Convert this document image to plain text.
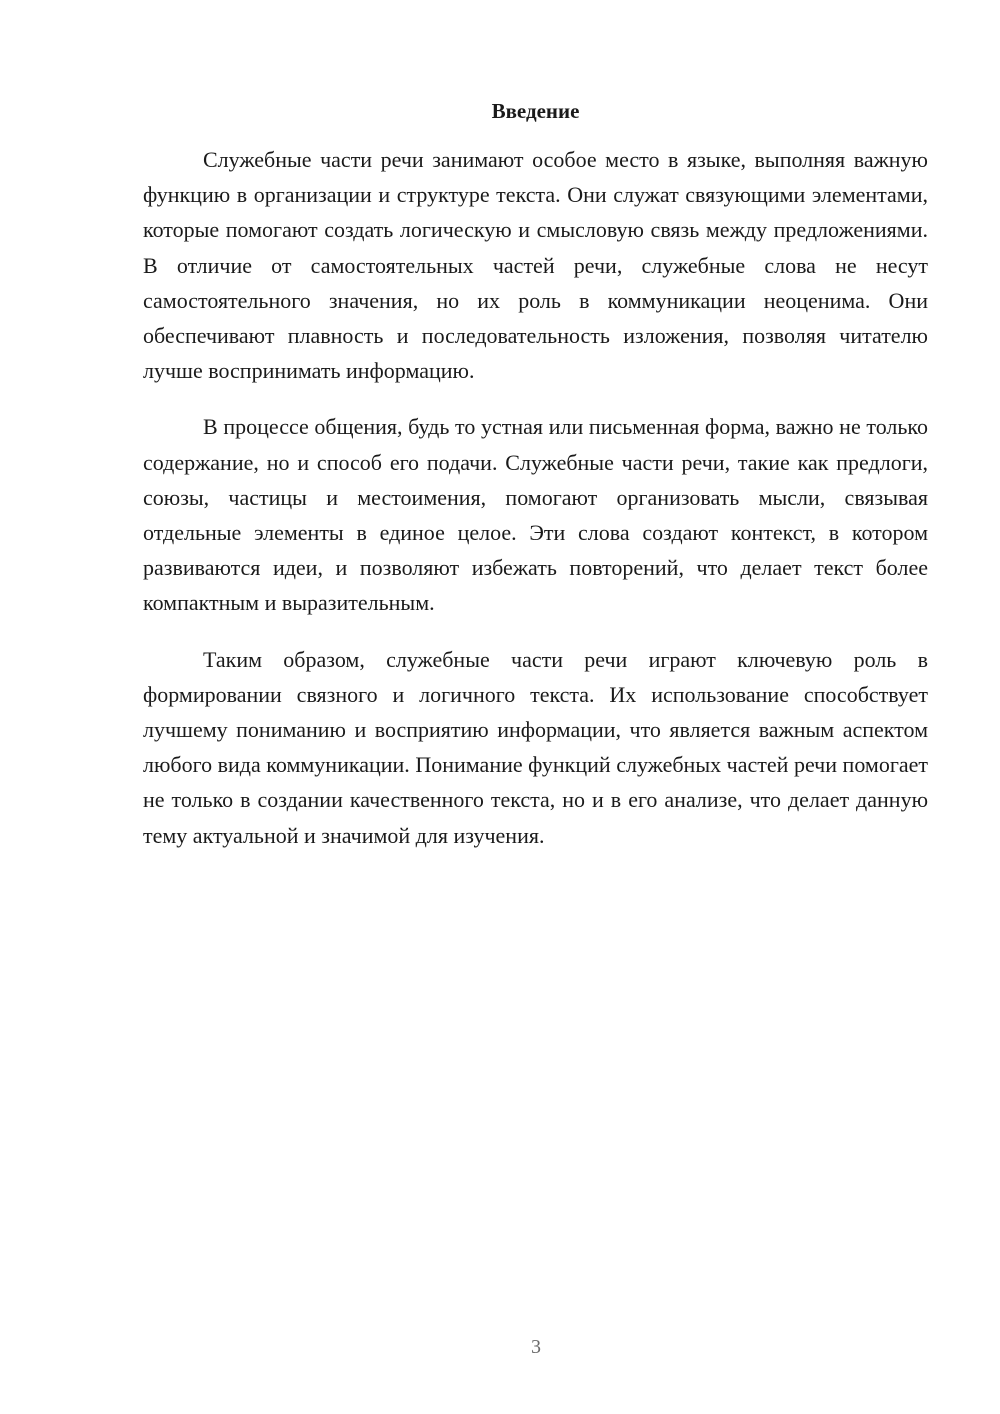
Введение

Служебные части речи занимают особое место в языке, выполняя важную функцию в организации и структуре текста. Они служат связующими элементами, которые помогают создать логическую и смысловую связь между предложениями. В отличие от самостоятельных частей речи, служебные слова не несут самостоятельного значения, но их роль в коммуникации неоценима. Они обеспечивают плавность и последовательность изложения, позволяя читателю лучше воспринимать информацию.

В процессе общения, будь то устная или письменная форма, важно не только содержание, но и способ его подачи. Служебные части речи, такие как предлоги, союзы, частицы и местоимения, помогают организовать мысли, связывая отдельные элементы в единое целое. Эти слова создают контекст, в котором развиваются идеи, и позволяют избежать повторений, что делает текст более компактным и выразительным.

Таким образом, служебные части речи играют ключевую роль в формировании связного и логичного текста. Их использование способствует лучшему пониманию и восприятию информации, что является важным аспектом любого вида коммуникации. Понимание функций служебных частей речи помогает не только в создании качественного текста, но и в его анализе, что делает данную тему актуальной и значимой для изучения.

3
